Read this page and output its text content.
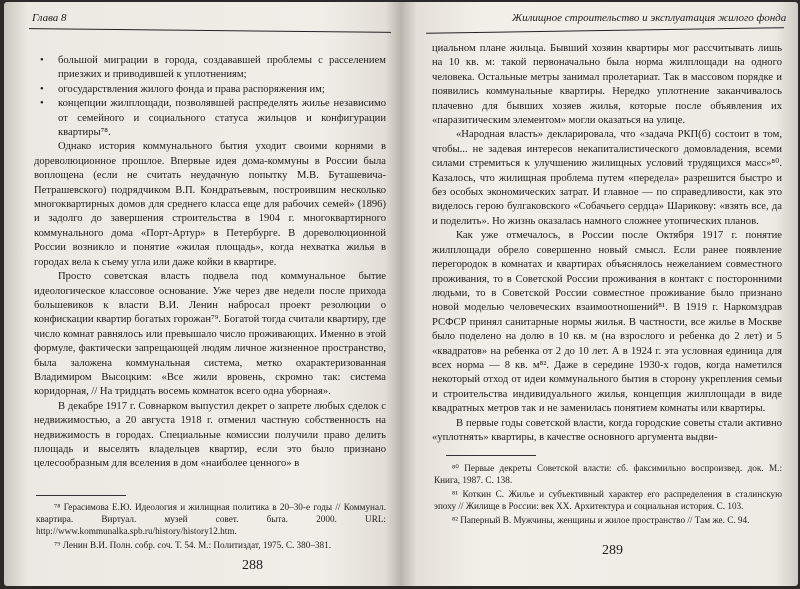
Глава 8
• большой миграции в города, создававшей проблемы с расселением приезжих и приводившей к уплотнениям;
• огосударствления жилого фонда и права распоряжения им;
• концепции жилплощади, позволявшей распределять жилье независимо от семейного и социального статуса жильцов и конфигурации квартиры⁷⁸.

Однако история коммунального бытия уходит своими корнями в дореволюционное прошлое. Впервые идея дома-коммуны в России была воплощена (если не считать неудачную попытку М.В. Буташевича-Петрашевского) подрядчиком В.П. Кондратьевым, построившим несколько многоквартирных домов для среднего класса еще для рабочих семей» (1896) и задолго до завершения строительства в 1904 г. многоквартирного коммунального дома «Порт-Артур» в Петербурге. В дореволюционной России возникло и понятие «жилая площадь», когда нехватка жилья в городах вела к съему угла или даже койки в квартире.

Просто советская власть подвела под коммунальное бытие идеологическое классовое основание. Уже через две недели после прихода большевиков к власти В.И. Ленин набросал проект резолюции о конфискации квартир богатых горожан⁷⁹. Богатой тогда считали квартиру, где число комнат равнялось или превышало число проживающих. Именно в этой формуле, фактически запрещающей людям личное жизненное пространство, была заложена коммунальная система, метко охарактеризованная Владимиром Высоцким: «Все жили вровень, скромно так: система коридорная, // На тридцать восемь комнаток всего одна уборная».

В декабре 1917 г. Совнарком выпустил декрет о запрете любых сделок с недвижимостью, а 20 августа 1918 г. отменил частную собственность на недвижимость в городах. Специальные комиссии получили право делить площадь и выселять владельцев квартир, если это было признано целесообразным для вселения в дом «наиболее ценного» в

⁷⁸ Герасимова Е.Ю. Идеология и жилищная политика в 20–30-е годы // Коммунал. квартира. Виртуал. музей совет. быта. 2000. URL: http://www.kommunalka.spb.ru/history/history12.htm.
⁷⁹ Ленин В.И. Полн. собр. соч. Т. 54. М.: Политиздат, 1975. С. 380–381.
288
Жилищное строительство и эксплуатация жилого фонда

циальном плане жильца. Бывший хозяин квартиры мог рассчитывать лишь на 10 кв. м: такой первоначально была норма жилплощади на одного человека. Остальные метры занимал пролетариат. Так в массовом порядке и появились коммунальные квартиры. Нередко уплотнение заканчивалось плачевно для бывших хозяев жилья, которые после объявления их «паразитическим элементом» могли оказаться на улице.

«Народная власть» декларировала, что «задача РКП(б) состоит в том, чтобы... не задевая интересов некапиталистического домовладения, всеми силами стремиться к улучшению жилищных условий трудящихся масс»⁸⁰. Казалось, что жилищная проблема путем «передела» разрешится быстро и без особых экономических затрат. И главное — по справедливости, как это виделось герою булгаковского «Собачьего сердца» Шарикову: «взять все, да и поделить». Но жизнь оказалась намного сложнее утопических планов.

Как уже отмечалось, в России после Октября 1917 г. понятие жилплощади обрело совершенно новый смысл. Если ранее появление перегородок в комнатах и квартирах объяснялось нежеланием совместного проживания, то в Советской России проживания в контакт с посторонними людьми, то в Советской России совместное проживание было признано новой моделью человеческих взаимоотношений⁸¹. В 1919 г. Наркомздрав РСФСР принял санитарные нормы жилья. В частности, все жилье в Москве было поделено на долю в 10 кв. м (на взрослого и ребенка до 2 лет) и 5 «квадратов» на ребенка от 2 до 10 лет. А в 1924 г. эта условная единица для всех норма — 8 кв. м⁸². Даже в середине 1930-х годов, когда наметился некоторый отход от идеи коммунального бытия в сторону укрепления семьи и строительства индивидуального жилья, концепция жилплощади в виде квадратных метров так и не заменилась понятием комнаты или квартиры.

В первые годы советской власти, когда городские советы стали активно «уплотнять» квартиры, в качестве основного аргумента выдви-

⁸⁰ Первые декреты Советской власти: сб. факсимильно воспроизвед. док. М.: Книга, 1987. С. 138.
⁸¹ Коткин С. Жилье и субъективный характер его распределения в сталинскую эпоху // Жилище в России: век XX. Архитектура и социальная история. С. 103.
⁸² Паперный В. Мужчины, женщины и жилое пространство // Там же. С. 94.
289
